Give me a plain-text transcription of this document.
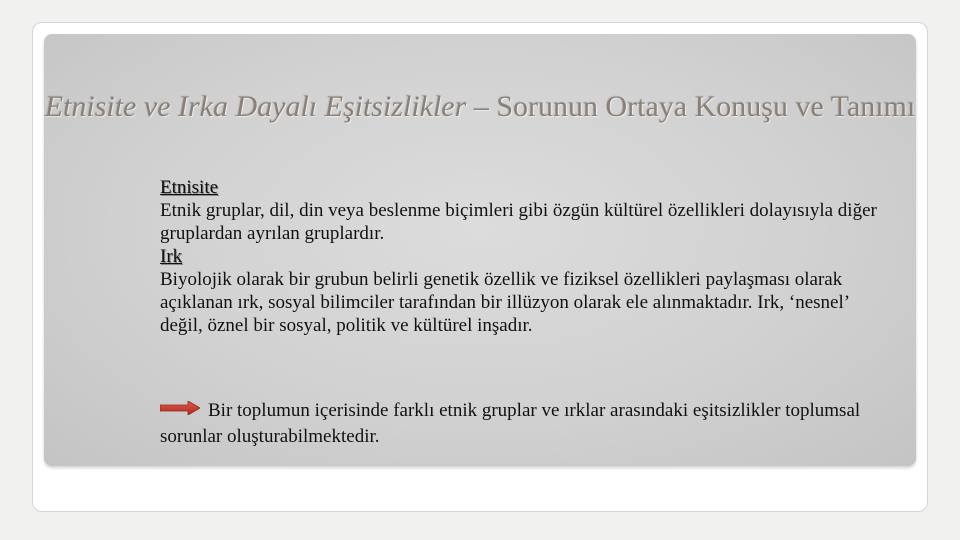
Etnisite ve Irka Dayalı Eşitsizlikler – Sorunun Ortaya Konuşu ve Tanımı

Etnisite

Etnik gruplar, dil, din veya beslenme biçimleri gibi özgün kültürel özellikleri dolayısıyla diğer gruplardan ayrılan gruplardır.

Irk

Biyolojik olarak bir grubun belirli genetik özellik ve fiziksel özellikleri paylaşması olarak açıklanan ırk, sosyal bilimciler tarafından bir illüzyon olarak ele alınmaktadır. Irk, ‘nesnel’ değil, öznel bir sosyal, politik ve kültürel inşadır.

Bir toplumun içerisinde farklı etnik gruplar ve ırklar arasındaki eşitsizlikler toplumsal sorunlar oluşturabilmektedir.
